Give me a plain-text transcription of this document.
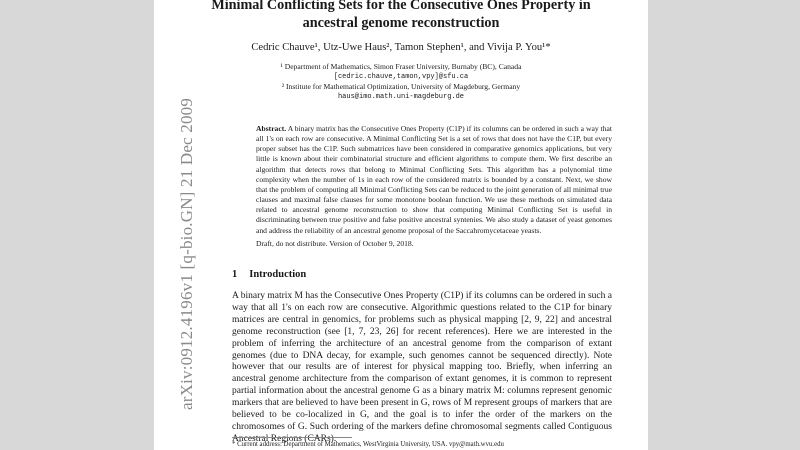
arXiv:0912.4196v1 [q-bio.GN] 21 Dec 2009
Minimal Conflicting Sets for the Consecutive Ones Property in
ancestral genome reconstruction
Cedric Chauve¹, Utz-Uwe Haus², Tamon Stephen¹, and Vivija P. You¹*
¹ Department of Mathematics, Simon Fraser University, Burnaby (BC), Canada
[cedric.chauve,tamon,vpy]@sfu.ca
² Institute for Mathematical Optimization, University of Magdeburg, Germany
haus@imo.math.uni-magdeburg.de
Abstract. A binary matrix has the Consecutive Ones Property (C1P) if its columns can be ordered in such a way that all 1's on each row are consecutive. A Minimal Conflicting Set is a set of rows that does not have the C1P, but every proper subset has the C1P. Such submatrices have been considered in comparative genomics applications, but very little is known about their combinatorial structure and efficient algorithms to compute them. We first describe an algorithm that detects rows that belong to Minimal Conflicting Sets. This algorithm has a polynomial time complexity when the number of 1s in each row of the considered matrix is bounded by a constant. Next, we show that the problem of computing all Minimal Conflicting Sets can be reduced to the joint generation of all minimal true clauses and maximal false clauses for some monotone boolean function. We use these methods on simulated data related to ancestral genome reconstruction to show that computing Minimal Conflicting Set is useful in discriminating between true positive and false positive ancestral syntenies. We also study a dataset of yeast genomes and address the reliability of an ancestral genome proposal of the Saccahromycetaceae yeasts.
Draft, do not distribute. Version of October 9, 2018.
1 Introduction
A binary matrix M has the Consecutive Ones Property (C1P) if its columns can be ordered in such a way that all 1's on each row are consecutive. Algorithmic questions related to the C1P for binary matrices are central in genomics, for problems such as physical mapping [2, 9, 22] and ancestral genome reconstruction (see [1, 7, 23, 26] for recent references). Here we are interested in the problem of inferring the architecture of an ancestral genome from the comparison of extant genomes (due to DNA decay, for example, such genomes cannot be sequenced directly). Note however that our results are of interest for physical mapping too. Briefly, when inferring an ancestral genome architecture from the comparison of extant genomes, it is common to represent partial information about the ancestral genome G as a binary matrix M: columns represent genomic markers that are believed to have been present in G, rows of M represent groups of markers that are believed to be co-localized in G, and the goal is to infer the order of the markers on the chromosomes of G. Such ordering of the markers define chromosomal segments called Contiguous Ancestral Regions (CARs).
* Current address: Department of Mathematics, WestVirginia University, USA. vpy@math.wvu.edu
